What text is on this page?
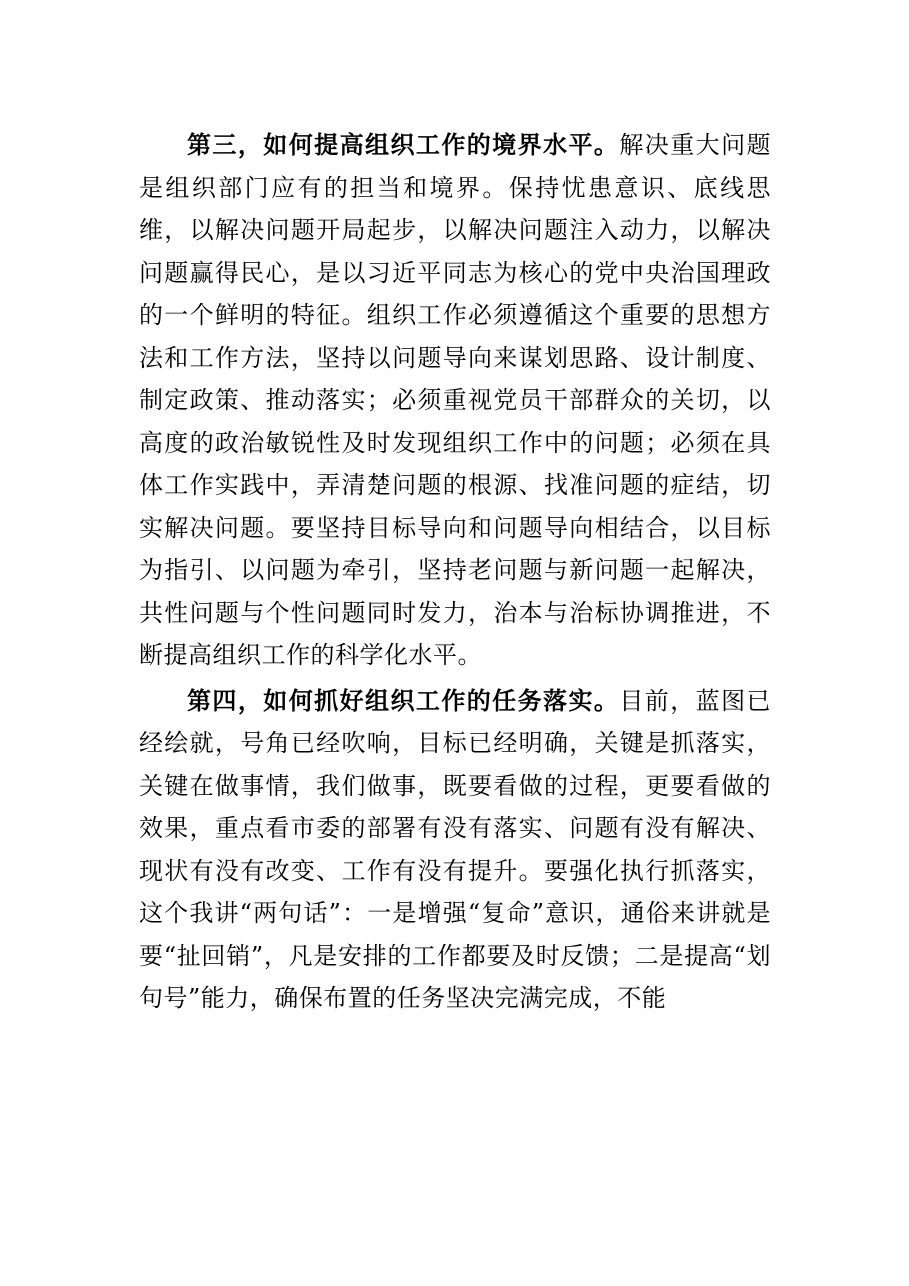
第三，如何提高组织工作的境界水平。解决重大问题是组织部门应有的担当和境界。保持忧患意识、底线思维，以解决问题开局起步，以解决问题注入动力，以解决问题赢得民心，是以习近平同志为核心的党中央治国理政的一个鲜明的特征。组织工作必须遵循这个重要的思想方法和工作方法，坚持以问题导向来谋划思路、设计制度、制定政策、推动落实；必须重视党员干部群众的关切，以高度的政治敏锐性及时发现组织工作中的问题；必须在具体工作实践中，弄清楚问题的根源、找准问题的症结，切实解决问题。要坚持目标导向和问题导向相结合，以目标为指引、以问题为牵引，坚持老问题与新问题一起解决，共性问题与个性问题同时发力，治本与治标协调推进，不断提高组织工作的科学化水平。

第四，如何抓好组织工作的任务落实。目前，蓝图已经绘就，号角已经吹响，目标已经明确，关键是抓落实，关键在做事情，我们做事，既要看做的过程，更要看做的效果，重点看市委的部署有没有落实、问题有没有解决、现状有没有改变、工作有没有提升。要强化执行抓落实，这个我讲“两句话”：一是增强“复命”意识，通俗来讲就是要“扯回销”，凡是安排的工作都要及时反馈；二是提高“划句号”能力，确保布置的任务坚决完满完成，不能
